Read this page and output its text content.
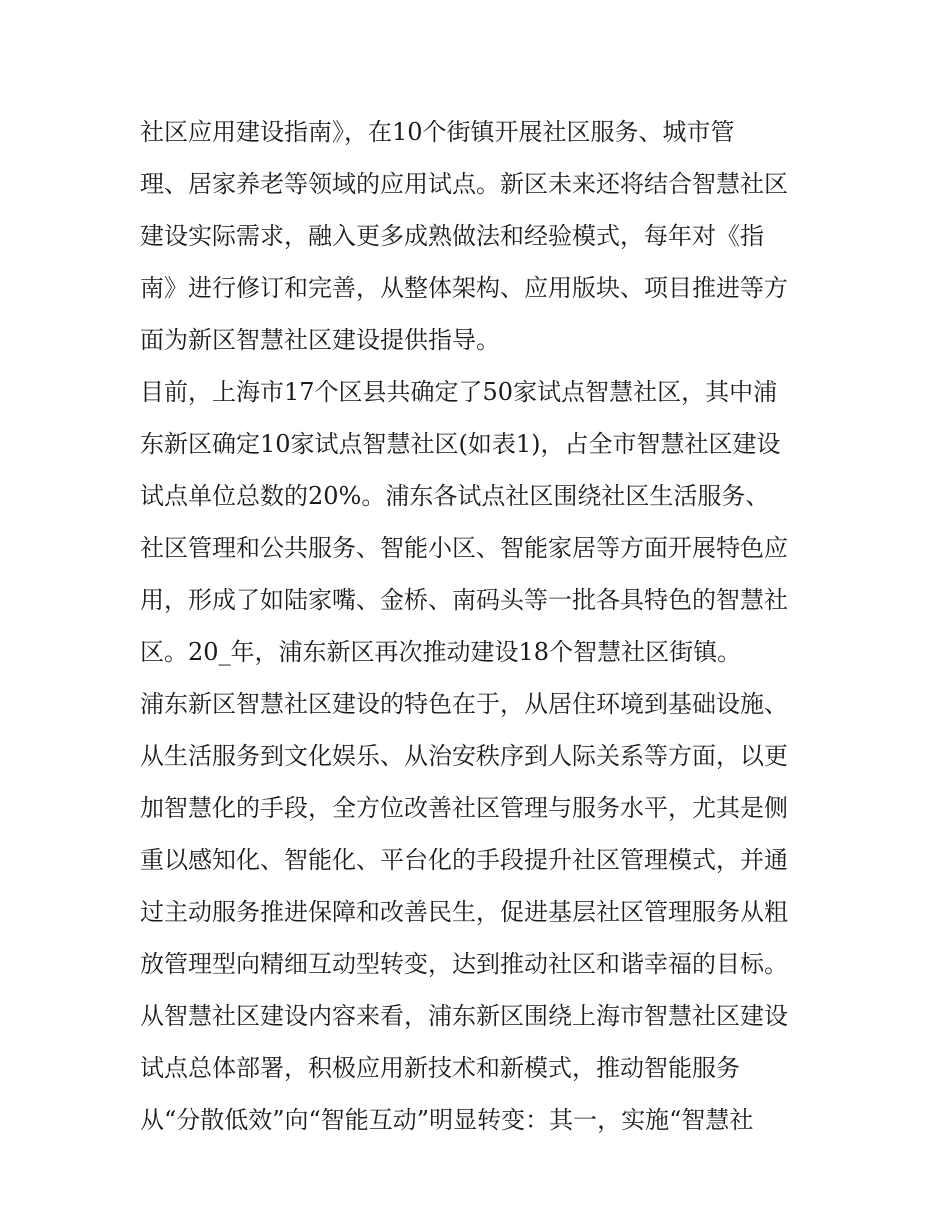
社区应用建设指南》，在10个街镇开展社区服务、城市管
理、居家养老等领域的应用试点。新区未来还将结合智慧社区
建设实际需求，融入更多成熟做法和经验模式，每年对《指
南》进行修订和完善，从整体架构、应用版块、项目推进等方
面为新区智慧社区建设提供指导。
目前，上海市17个区县共确定了50家试点智慧社区，其中浦
东新区确定10家试点智慧社区(如表1)，占全市智慧社区建设
试点单位总数的20%。浦东各试点社区围绕社区生活服务、
社区管理和公共服务、智能小区、智能家居等方面开展特色应
用，形成了如陆家嘴、金桥、南码头等一批各具特色的智慧社
区。20_年，浦东新区再次推动建设18个智慧社区街镇。
浦东新区智慧社区建设的特色在于，从居住环境到基础设施、
从生活服务到文化娱乐、从治安秩序到人际关系等方面，以更
加智慧化的手段，全方位改善社区管理与服务水平，尤其是侧
重以感知化、智能化、平台化的手段提升社区管理模式，并通
过主动服务推进保障和改善民生，促进基层社区管理服务从粗
放管理型向精细互动型转变，达到推动社区和谐幸福的目标。
从智慧社区建设内容来看，浦东新区围绕上海市智慧社区建设
试点总体部署，积极应用新技术和新模式，推动智能服务
从“分散低效”向“智能互动”明显转变：其一，实施“智慧社
